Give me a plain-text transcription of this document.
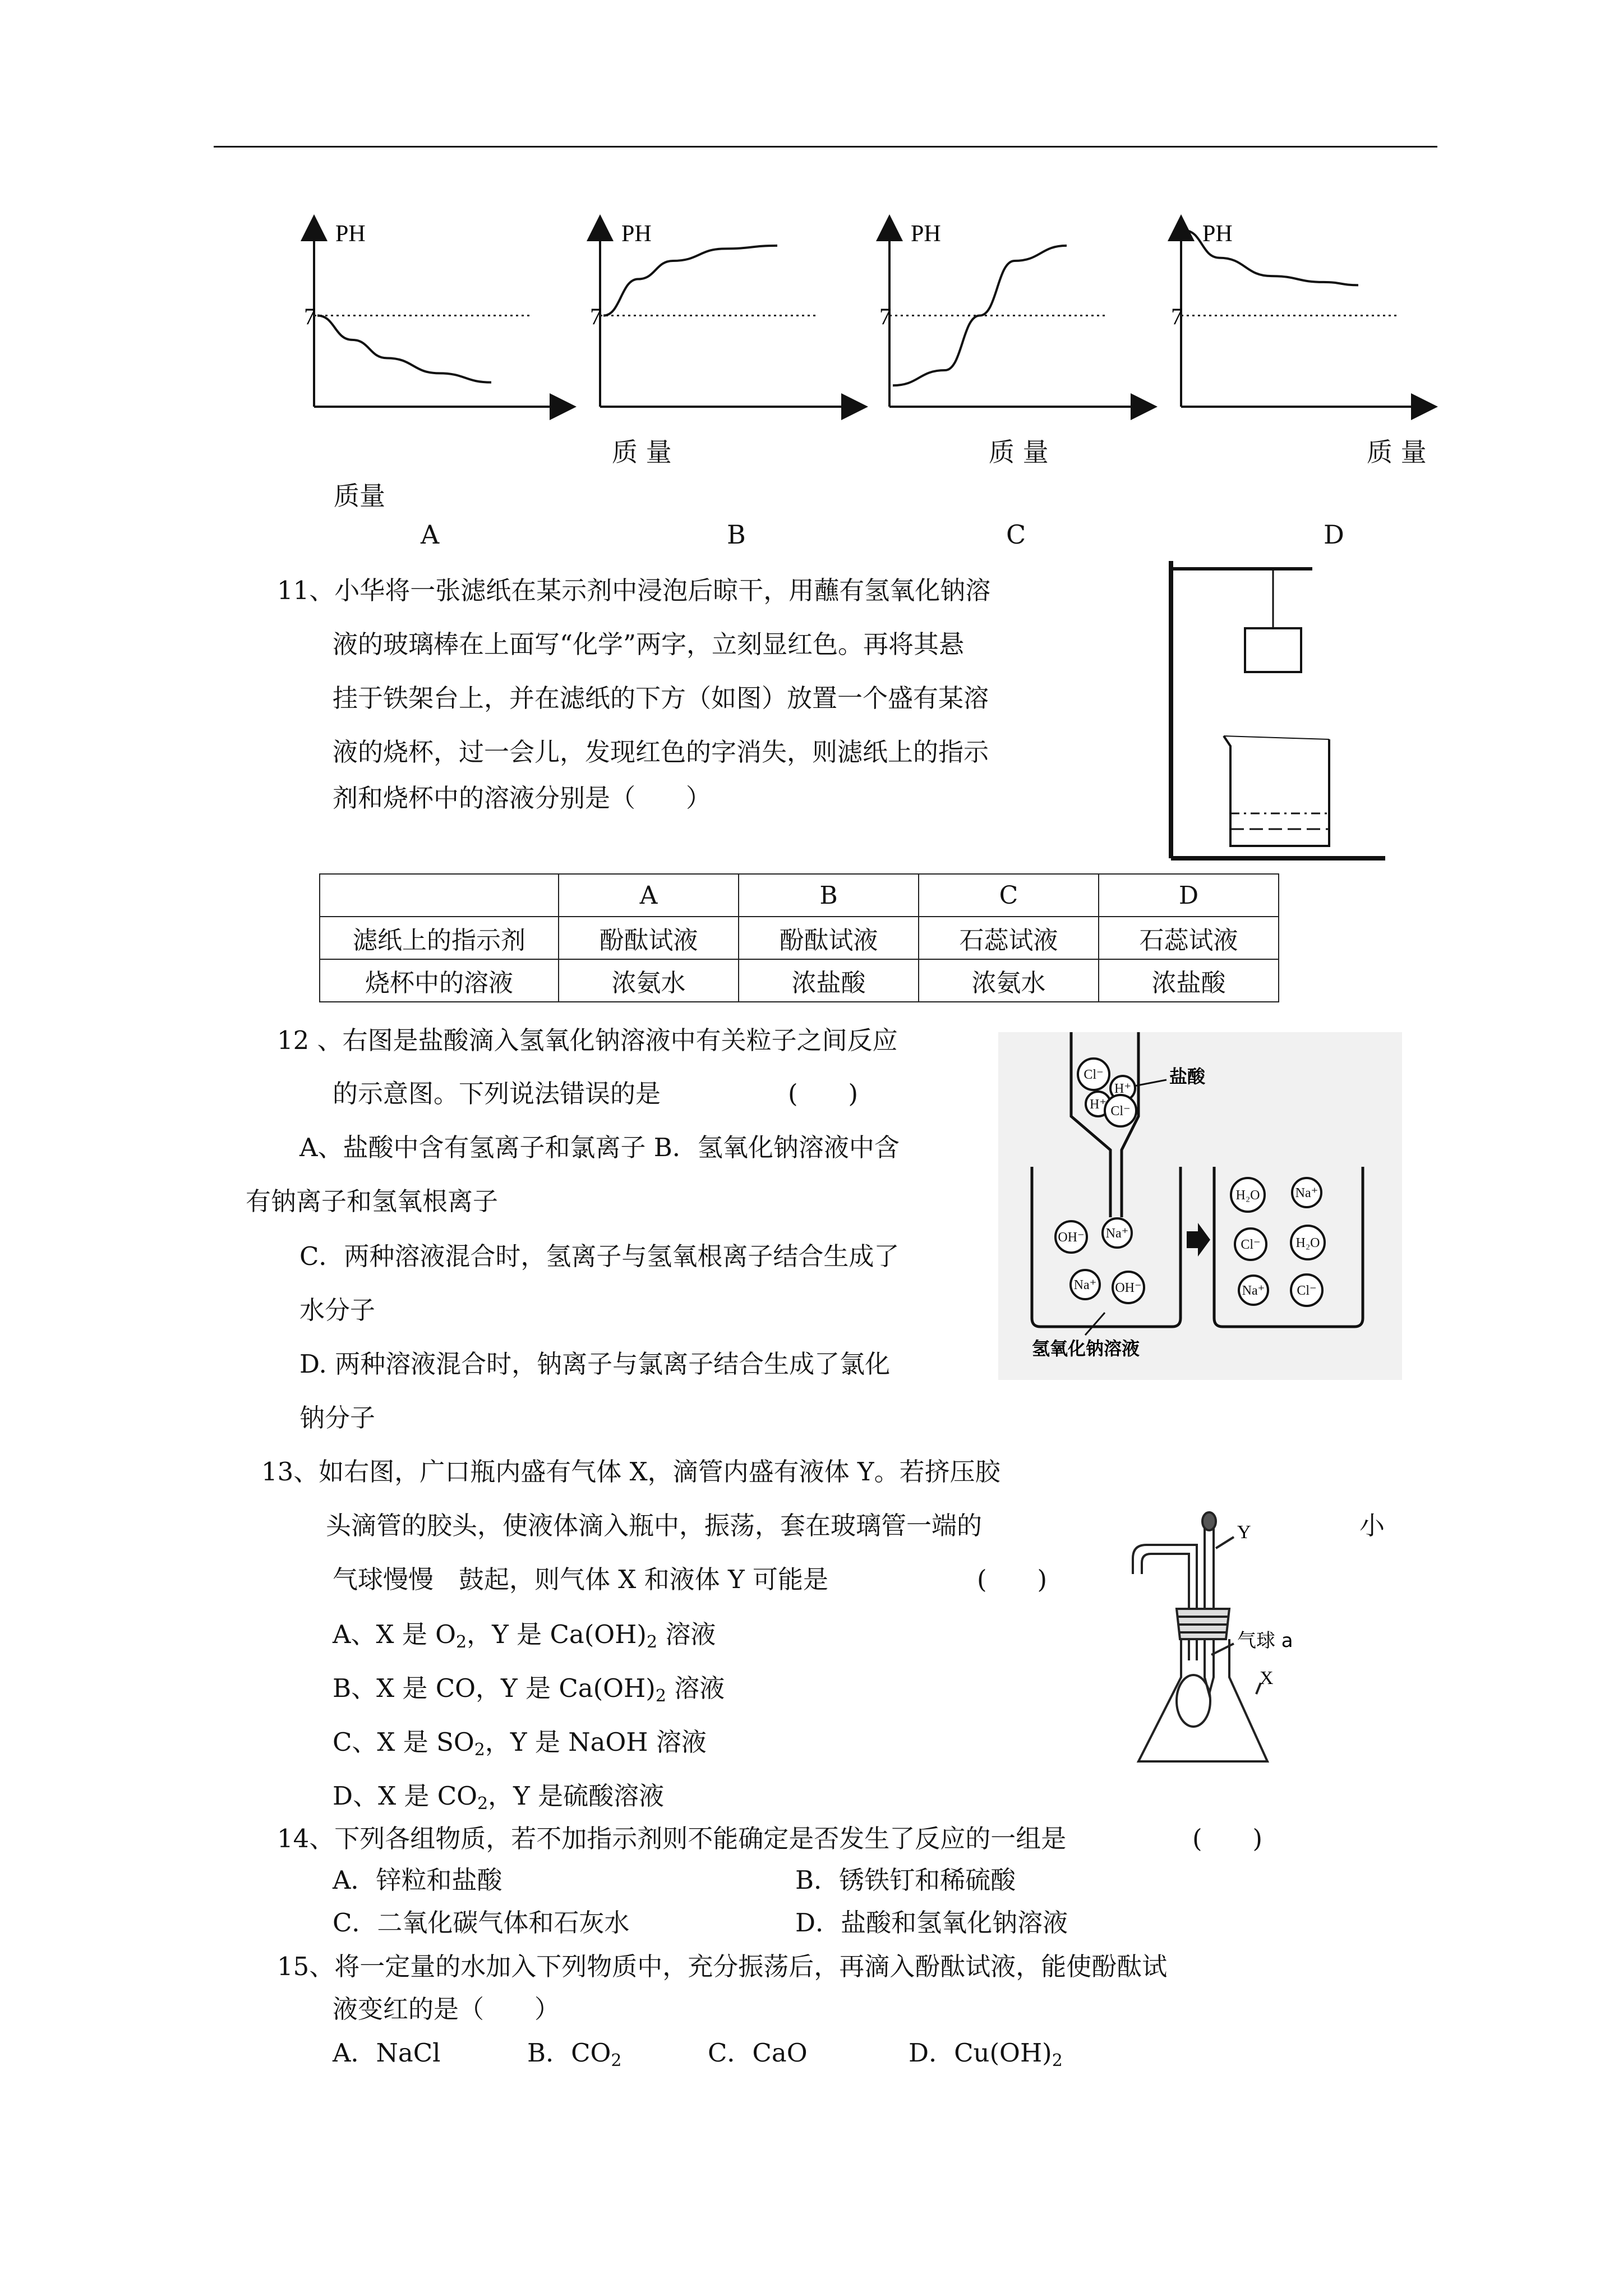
7
PH
7
PH
7
PH
7
PH
质 量	质 量	质 量
质量
A	B	C	D
11、小华将一张滤纸在某示剂中浸泡后晾干，用蘸有氢氧化钠溶
液的玻璃棒在上面写“化学”两字，立刻显红色。再将其悬
挂于铁架台上，并在滤纸的下方（如图）放置一个盛有某溶
液的烧杯，过一会儿，发现红色的字消失，则滤纸上的指示
剂和烧杯中的溶液分别是（　　）
	A	B	C	D
滤纸上的指示剂	酚酞试液	酚酞试液	石蕊试液	石蕊试液
烧杯中的溶液	浓氨水	浓盐酸	浓氨水	浓盐酸
12 、右图是盐酸滴入氢氧化钠溶液中有关粒子之间反应
的示意图。下列说法错误的是	(　　)
A、盐酸中含有氢离子和氯离子 B．氢氧化钠溶液中含
有钠离子和氢氧根离子
C．两种溶液混合时，氢离子与氢氧根离子结合生成了
水分子
D. 两种溶液混合时，钠离子与氯离子结合生成了氯化
钠分子
Cl⁻
H⁺
H⁺ Cl⁻
OH⁻ Na⁺
Na⁺ OH⁻
H₂O	Na⁺
Cl⁻	H₂O
Na⁺ Cl⁻
盐酸
氢氧化钠溶液
13、如右图，广口瓶内盛有气体 X，滴管内盛有液体 Y。若挤压胶
头滴管的胶头，使液体滴入瓶中，振荡，套在玻璃管一端的	小
气球慢慢　鼓起，则气体 X 和液体 Y 可能是	(　　)
A、X 是 $O_2$，Y 是 $Ca(OH)_2$ 溶液
B、X 是 CO，Y 是 $Ca(OH)_2$ 溶液
C、X 是 $SO_2$，Y 是 NaOH 溶液
D、X 是 $CO_2$，Y 是硫酸溶液
Y
气球 a
X
14、下列各组物质，若不加指示剂则不能确定是否发生了反应的一组是	(　　)
A．锌粒和盐酸	B．锈铁钉和稀硫酸
C．二氧化碳气体和石灰水	D．盐酸和氢氧化钠溶液
15、将一定量的水加入下列物质中，充分振荡后，再滴入酚酞试液，能使酚酞试
液变红的是（　　）
A．NaCl	B．$CO_2$	C．CaO	D．$Cu(OH)_2$
